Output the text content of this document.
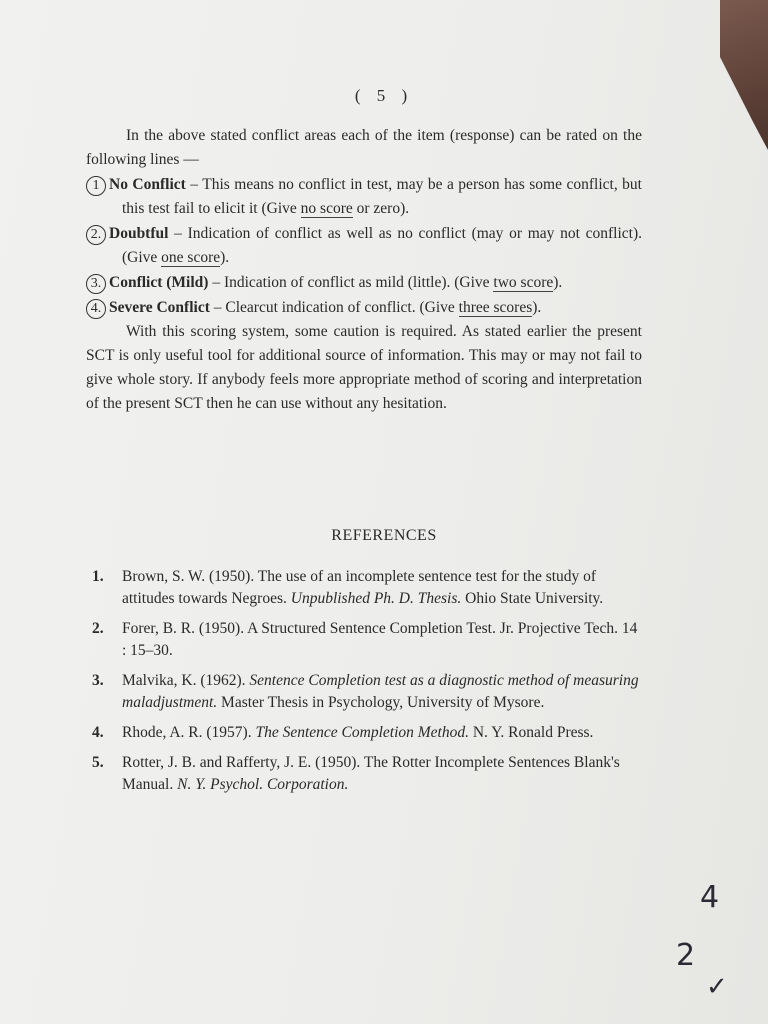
( 5 )

In the above stated conflict areas each of the item (response) can be rated on the following lines —

1 No Conflict – This means no conflict in test, may be a person has some conflict, but this test fail to elicit it (Give no score or zero).

2. Doubtful – Indication of conflict as well as no conflict (may or may not conflict). (Give one score).

3. Conflict (Mild) – Indication of conflict as mild (little). (Give two score).

4. Severe Conflict – Clearcut indication of conflict. (Give three scores).

With this scoring system, some caution is required. As stated earlier the present SCT is only useful tool for additional source of information. This may or may not fail to give whole story. If anybody feels more appropriate method of scoring and interpretation of the present SCT then he can use without any hesitation.

REFERENCES
1. Brown, S. W. (1950). The use of an incomplete sentence test for the study of attitudes towards Negroes. Unpublished Ph. D. Thesis. Ohio State University.
2. Forer, B. R. (1950). A Structured Sentence Completion Test. Jr. Projective Tech. 14 : 15–30.
3. Malvika, K. (1962). Sentence Completion test as a diagnostic method of measuring maladjustment. Master Thesis in Psychology, University of Mysore.
4. Rhode, A. R. (1957). The Sentence Completion Method. N. Y. Ronald Press.
5. Rotter, J. B. and Rafferty, J. E. (1950). The Rotter Incomplete Sentences Blank's Manual. N. Y. Psychol. Corporation.
4
2
✓
